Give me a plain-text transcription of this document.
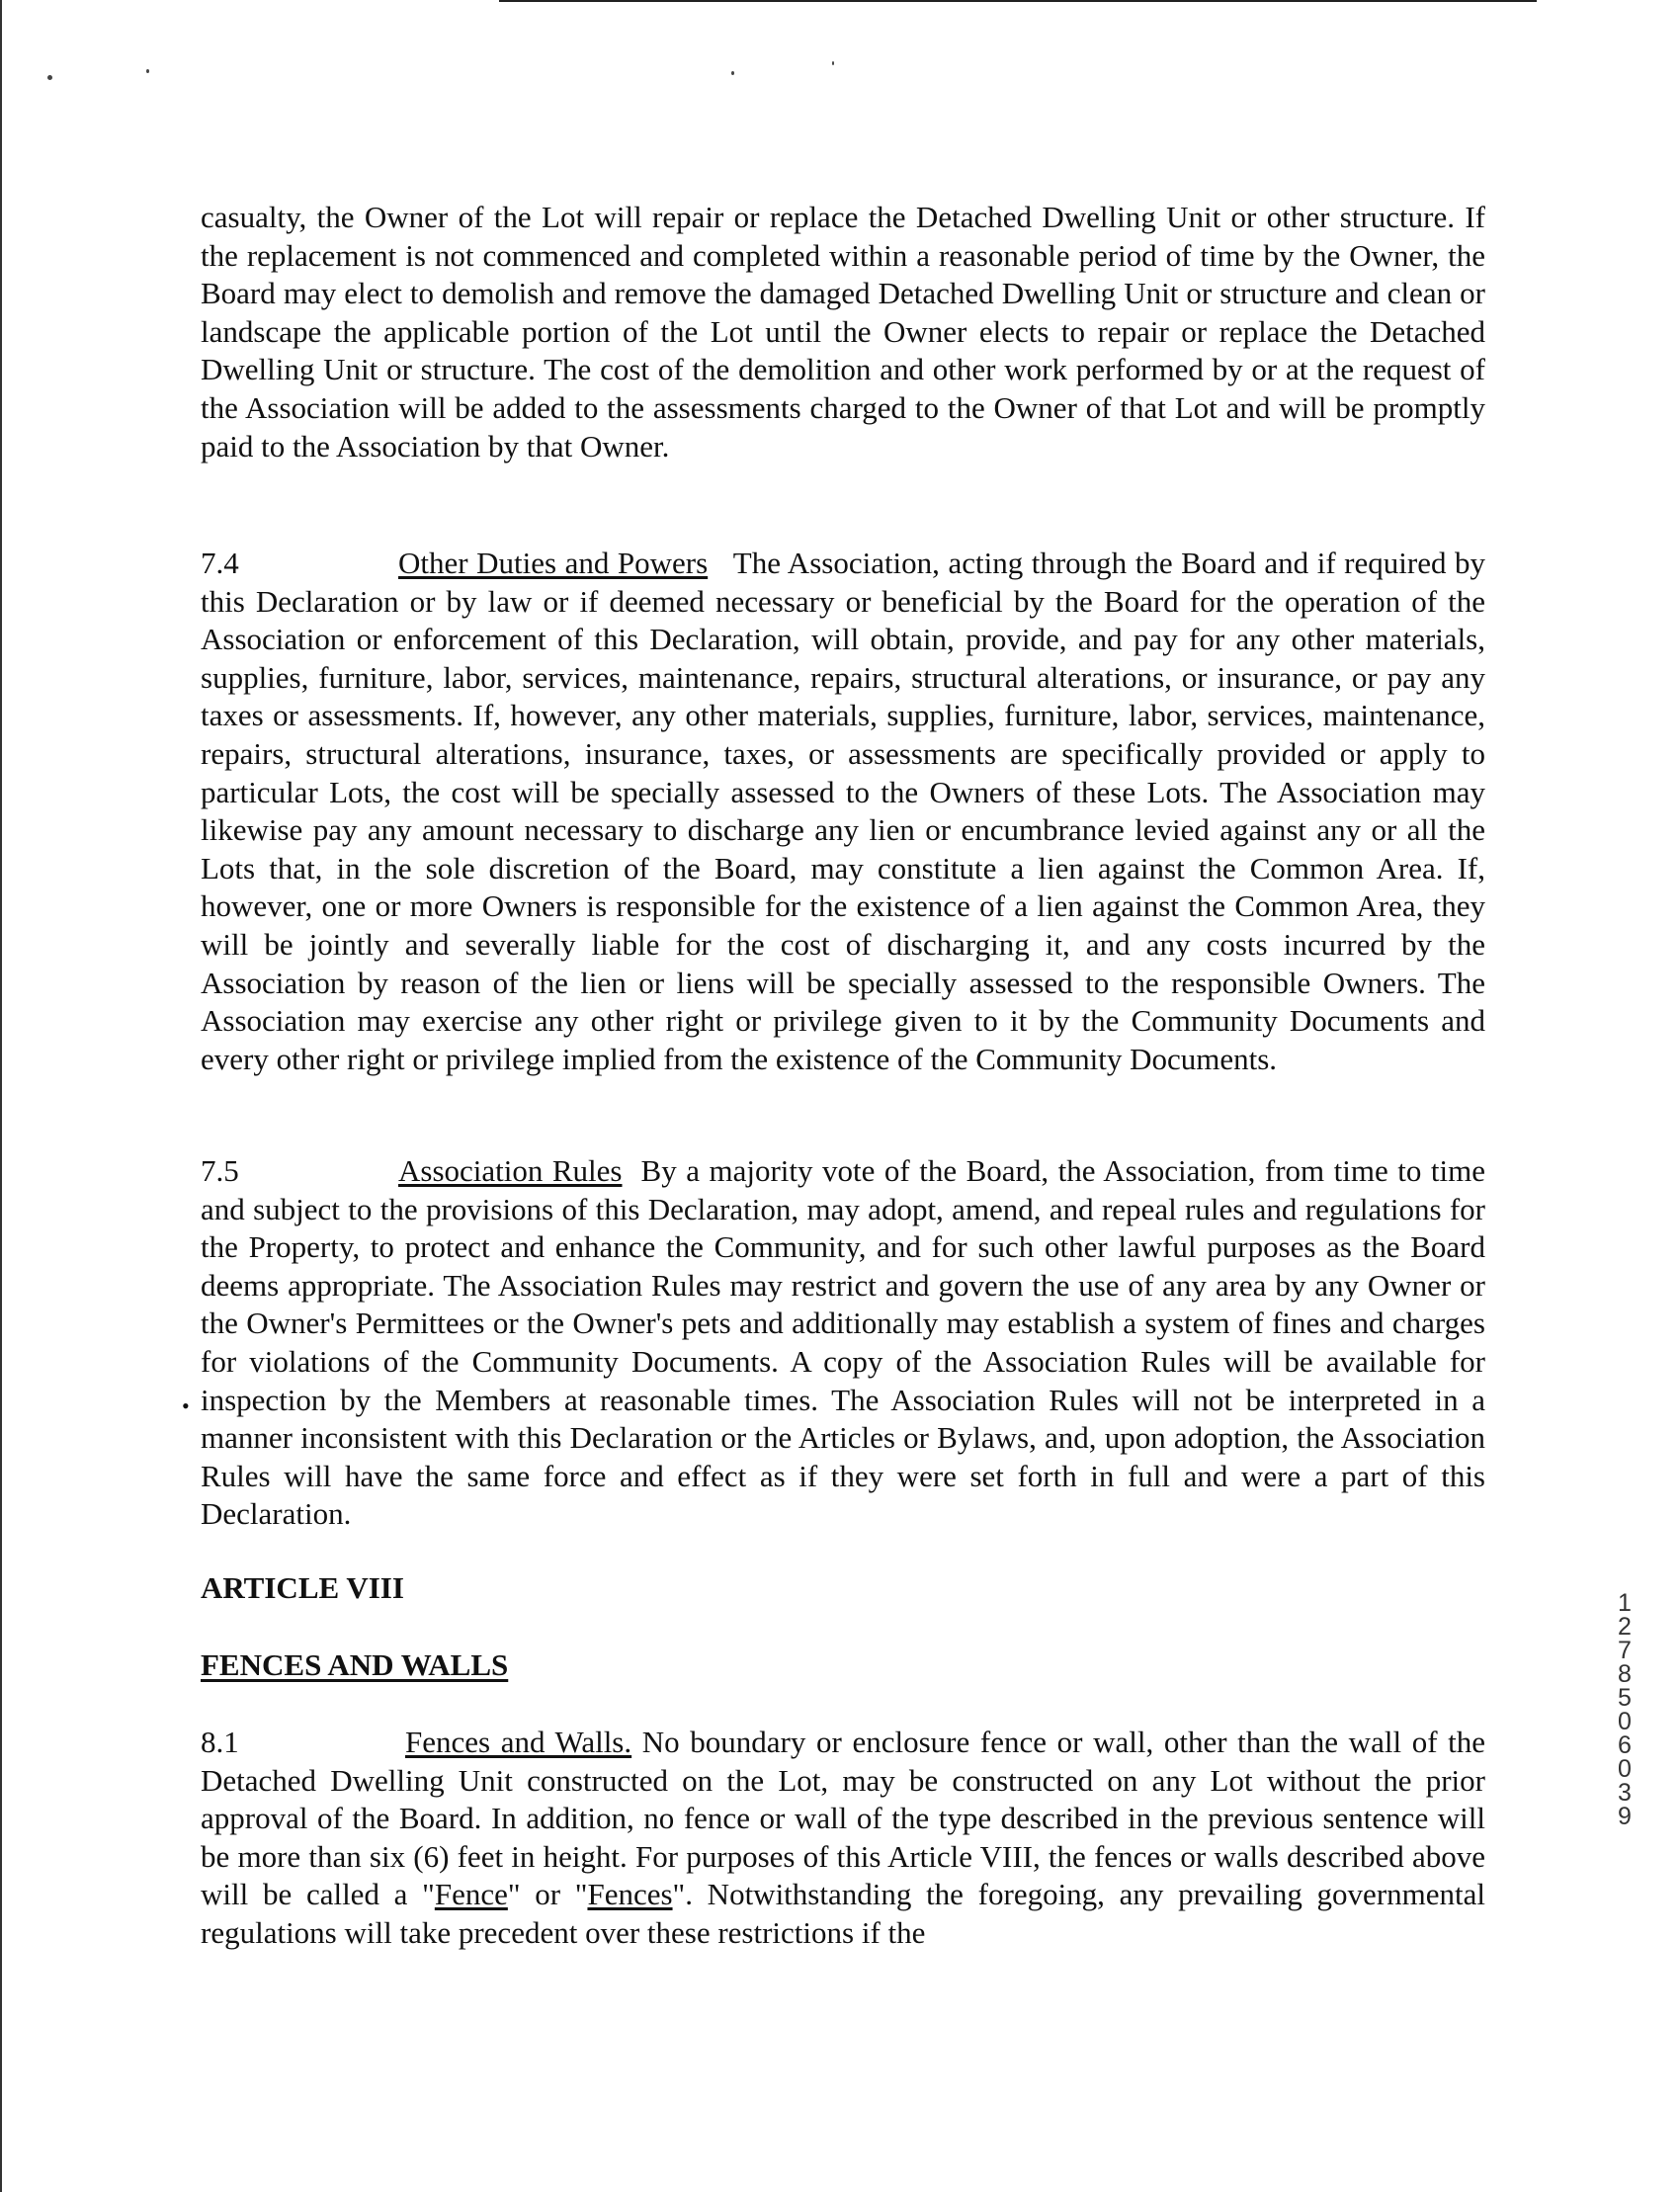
casualty, the Owner of the Lot will repair or replace the Detached Dwelling Unit or other structure. If the replacement is not commenced and completed within a reasonable period of time by the Owner, the Board may elect to demolish and remove the damaged Detached Dwelling Unit or structure and clean or landscape the applicable portion of the Lot until the Owner elects to repair or replace the Detached Dwelling Unit or structure. The cost of the demolition and other work performed by or at the request of the Association will be added to the assessments charged to the Owner of that Lot and will be promptly paid to the Association by that Owner.

7.4	Other Duties and Powers The Association, acting through the Board and if required by this Declaration or by law or if deemed necessary or beneficial by the Board for the operation of the Association or enforcement of this Declaration, will obtain, provide, and pay for any other materials, supplies, furniture, labor, services, maintenance, repairs, structural alterations, or insurance, or pay any taxes or assessments. If, however, any other materials, supplies, furniture, labor, services, maintenance, repairs, structural alterations, insurance, taxes, or assessments are specifically provided or apply to particular Lots, the cost will be specially assessed to the Owners of these Lots. The Association may likewise pay any amount necessary to discharge any lien or encumbrance levied against any or all the Lots that, in the sole discretion of the Board, may constitute a lien against the Common Area. If, however, one or more Owners is responsible for the existence of a lien against the Common Area, they will be jointly and severally liable for the cost of discharging it, and any costs incurred by the Association by reason of the lien or liens will be specially assessed to the responsible Owners. The Association may exercise any other right or privilege given to it by the Community Documents and every other right or privilege implied from the existence of the Community Documents.

7.5	Association Rules By a majority vote of the Board, the Association, from time to time and subject to the provisions of this Declaration, may adopt, amend, and repeal rules and regulations for the Property, to protect and enhance the Community, and for such other lawful purposes as the Board deems appropriate. The Association Rules may restrict and govern the use of any area by any Owner or the Owner's Permittees or the Owner's pets and additionally may establish a system of fines and charges for violations of the Community Documents. A copy of the Association Rules will be available for inspection by the Members at reasonable times. The Association Rules will not be interpreted in a manner inconsistent with this Declaration or the Articles or Bylaws, and, upon adoption, the Association Rules will have the same force and effect as if they were set forth in full and were a part of this Declaration.

•

ARTICLE VIII

FENCES AND WALLS

8.1	Fences and Walls. No boundary or enclosure fence or wall, other than the wall of the Detached Dwelling Unit constructed on the Lot, may be constructed on any Lot without the prior approval of the Board. In addition, no fence or wall of the type described in the previous sentence will be more than six (6) feet in height. For purposes of this Article VIII, the fences or walls described above will be called a "Fence" or "Fences". Notwithstanding the foregoing, any prevailing governmental regulations will take precedent over these restrictions if the

12785 06039
